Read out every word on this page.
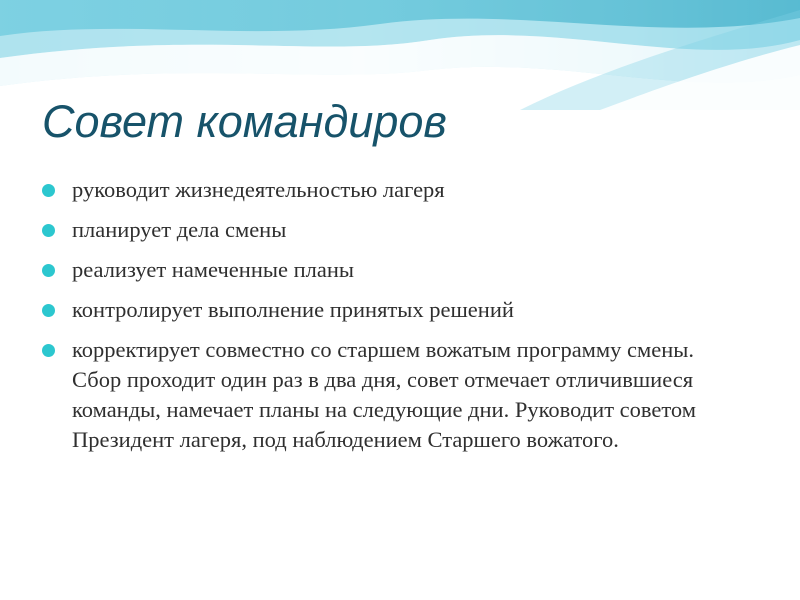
Совет командиров
руководит жизнедеятельностью лагеря
планирует дела смены
реализует намеченные планы
контролирует выполнение принятых решений
корректирует совместно со старшем вожатым программу смены. Сбор проходит один раз в два дня, совет отмечает отличившиеся команды, намечает планы на следующие дни. Руководит советом Президент лагеря, под наблюдением Старшего вожатого.
